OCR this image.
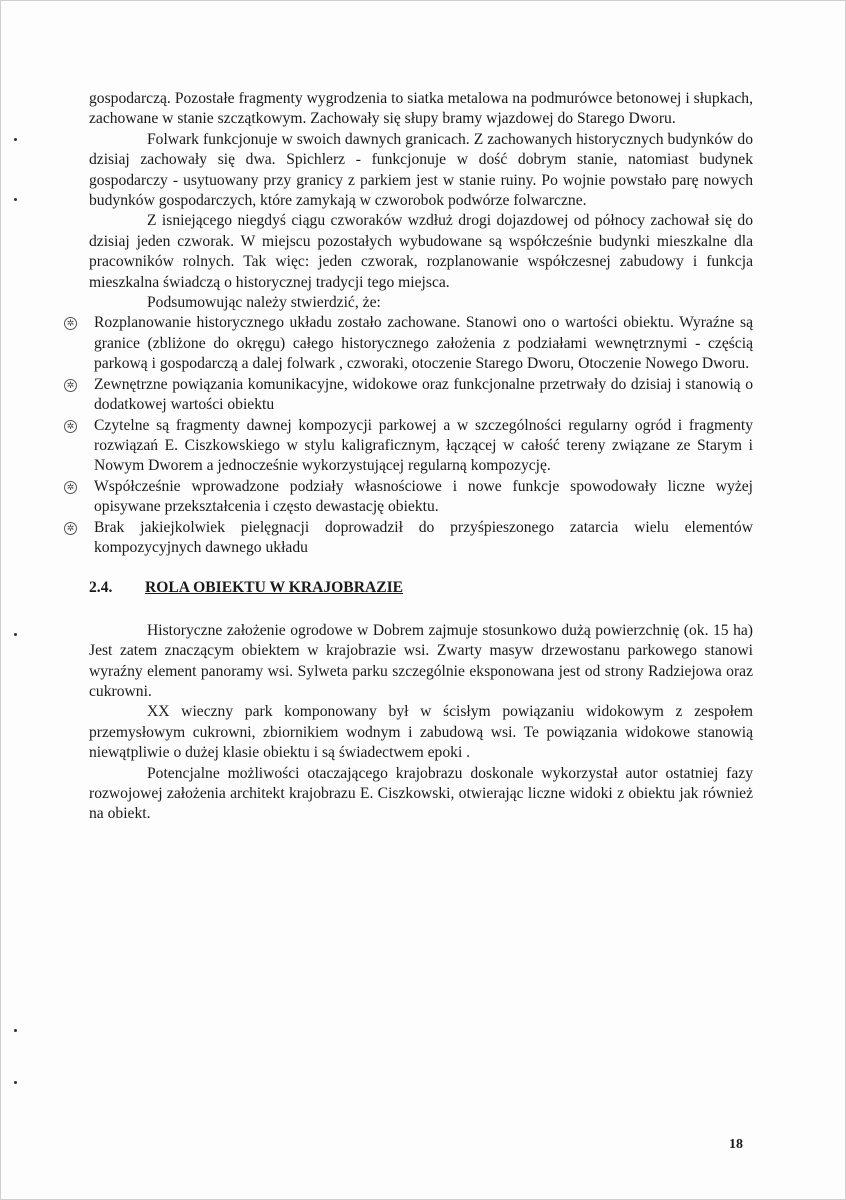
gospodarczą. Pozostałe fragmenty wygrodzenia to siatka metalowa na podmurówce betonowej i słupkach, zachowane w stanie szczątkowym. Zachowały się słupy bramy wjazdowej do Starego Dworu.

Folwark funkcjonuje w swoich dawnych granicach. Z zachowanych historycznych budynków do dzisiaj zachowały się dwa. Spichlerz - funkcjonuje w dość dobrym stanie, natomiast budynek gospodarczy - usytuowany przy granicy z parkiem jest w stanie ruiny. Po wojnie powstało parę nowych budynków gospodarczych, które zamykają w czworobok podwórze folwarczne.

Z isniejącego niegdyś ciągu czworaków wzdłuż drogi dojazdowej od północy zachował się do dzisiaj jeden czworak. W miejscu pozostałych wybudowane są współcześnie budynki mieszkalne dla pracowników rolnych. Tak więc: jeden czworak, rozplanowanie współczesnej zabudowy i funkcja mieszkalna świadczą o historycznej tradycji tego miejsca.

Podsumowując należy stwierdzić, że:

✲ Rozplanowanie historycznego układu zostało zachowane. Stanowi ono o wartości obiektu. Wyraźne są granice (zbliżone do okręgu) całego historycznego założenia z podziałami wewnętrznymi - częścią parkową i gospodarczą a dalej folwark , czworaki, otoczenie Starego Dworu, Otoczenie Nowego Dworu.
✲ Zewnętrzne powiązania komunikacyjne, widokowe oraz funkcjonalne przetrwały do dzisiaj i stanowią o dodatkowej wartości obiektu
✲ Czytelne są fragmenty dawnej kompozycji parkowej a w szczególności regularny ogród i fragmenty rozwiązań E. Ciszkowskiego w stylu kaligraficznym, łączącej w całość tereny związane ze Starym i Nowym Dworem a jednocześnie wykorzystującej regularną kompozycję.
✲ Współcześnie wprowadzone podziały własnościowe i nowe funkcje spowodowały liczne wyżej opisywane przekształcenia i często dewastację obiektu.
✲ Brak jakiejkolwiek pielęgnacji doprowadził do przyśpieszonego zatarcia wielu elementów kompozycyjnych dawnego układu
2.4. ROLA OBIEKTU W KRAJOBRAZIE

Historyczne założenie ogrodowe w Dobrem zajmuje stosunkowo dużą powierzchnię (ok. 15 ha) Jest zatem znaczącym obiektem w krajobrazie wsi. Zwarty masyw drzewostanu parkowego stanowi wyraźny element panoramy wsi. Sylweta parku szczególnie eksponowana jest od strony Radziejowa oraz cukrowni.

XX wieczny park komponowany był w ścisłym powiązaniu widokowym z zespołem przemysłowym cukrowni, zbiornikiem wodnym i zabudową wsi. Te powiązania widokowe stanowią niewątpliwie o dużej klasie obiektu i są świadectwem epoki .

Potencjalne możliwości otaczającego krajobrazu doskonale wykorzystał autor ostatniej fazy rozwojowej założenia architekt krajobrazu E. Ciszkowski, otwierając liczne widoki z obiektu jak również na obiekt.

18
